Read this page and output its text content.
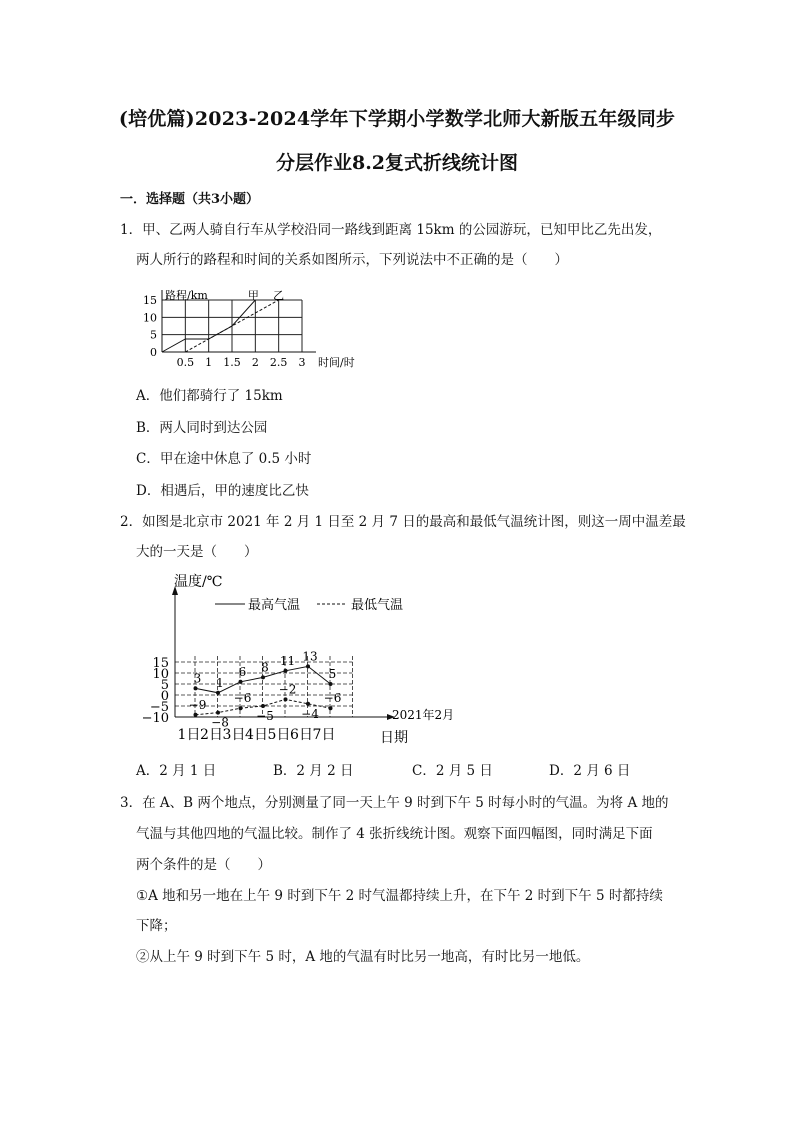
(培优篇)2023-2024学年下学期小学数学北师大新版五年级同步
分层作业8.2复式折线统计图
一．选择题（共3小题）
1．甲、乙两人骑自行车从学校沿同一路线到距离 15km 的公园游玩，已知甲比乙先出发，
两人所行的路程和时间的关系如图所示，下列说法中不正确的是（　　）
15
10
5
0
0.5 1 1.5 2 2.5 3 时间/时
路程/km	甲 乙
A．他们都骑行了 15km
B．两人同时到达公园
C．甲在途中休息了 0.5 小时
D．相遇后，甲的速度比乙快
2．如图是北京市 2021 年 2 月 1 日至 2 月 7 日的最高和最低气温统计图，则这一周中温差最
大的一天是（　　）
15
10
5
0
−5
−10
温度/℃
2021年2月
日期
1日 2日 3日 4日 5日 6日 7日
最高气温	最低气温
3 1
6 8 11 13
5
−9
−8
−6
−5
−2
−4
−6
A．2 月 1 日	B．2 月 2 日	C．2 月 5 日	D．2 月 6 日
3．在 A、B 两个地点，分别测量了同一天上午 9 时到下午 5 时每小时的气温。为将 A 地的
气温与其他四地的气温比较。制作了 4 张折线统计图。观察下面四幅图，同时满足下面
两个条件的是（　　）
①A 地和另一地在上午 9 时到下午 2 时气温都持续上升，在下午 2 时到下午 5 时都持续
下降；
②从上午 9 时到下午 5 时，A 地的气温有时比另一地高，有时比另一地低。
